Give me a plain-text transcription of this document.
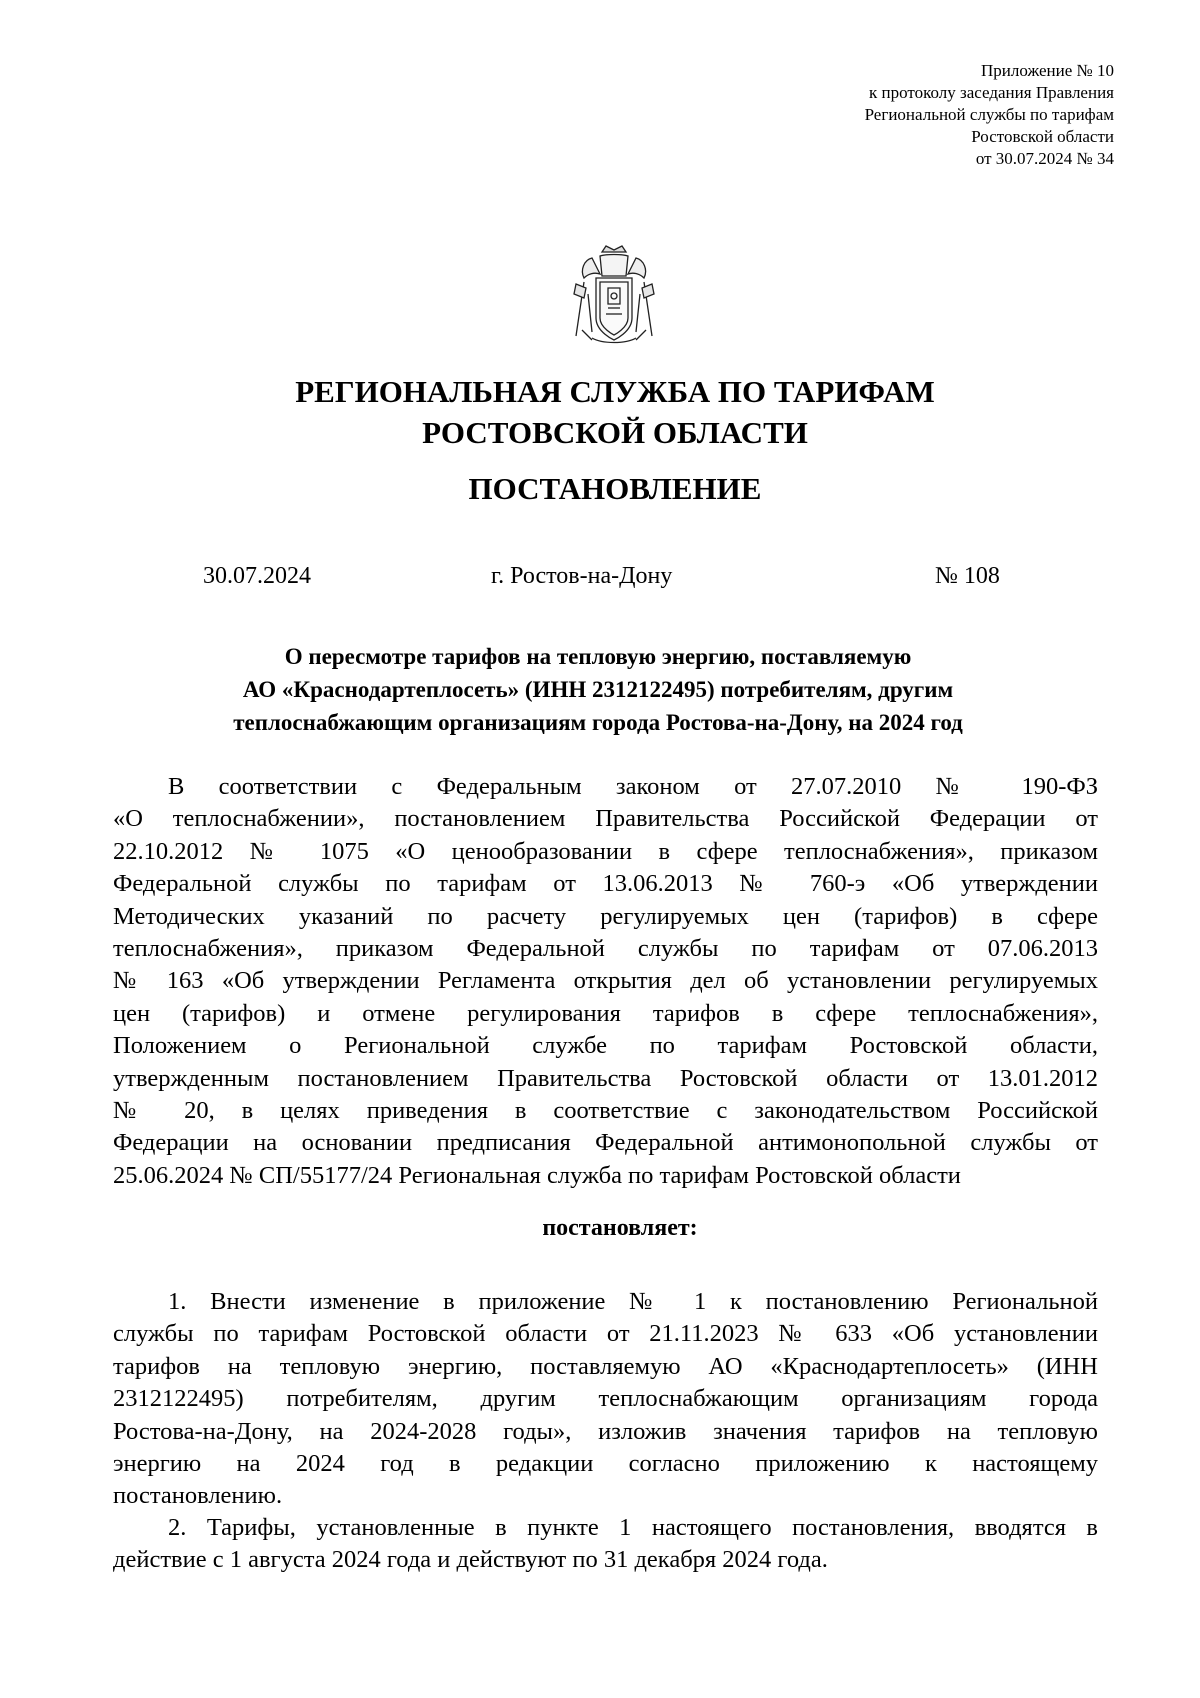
Приложение № 10
к протоколу заседания Правления
Региональной службы по тарифам
Ростовской области
от 30.07.2024 № 34
РЕГИОНАЛЬНАЯ СЛУЖБА ПО ТАРИФАМ
РОСТОВСКОЙ ОБЛАСТИ
ПОСТАНОВЛЕНИЕ
30.07.2024	г. Ростов-на-Дону	№ 108
О пересмотре тарифов на тепловую энергию, поставляемую
АО «Краснодартеплосеть» (ИНН 2312122495) потребителям, другим
теплоснабжающим организациям города Ростова-на-Дону, на 2024 год
В соответствии с Федеральным законом от 27.07.2010 № 190-ФЗ
«О теплоснабжении», постановлением Правительства Российской Федерации от
22.10.2012 № 1075 «О ценообразовании в сфере теплоснабжения», приказом
Федеральной службы по тарифам от 13.06.2013 № 760-э «Об утверждении
Методических указаний по расчету регулируемых цен (тарифов) в сфере
теплоснабжения», приказом Федеральной службы по тарифам от 07.06.2013
№ 163 «Об утверждении Регламента открытия дел об установлении регулируемых
цен (тарифов) и отмене регулирования тарифов в сфере теплоснабжения»,
Положением о Региональной службе по тарифам Ростовской области,
утвержденным постановлением Правительства Ростовской области от 13.01.2012
№ 20, в целях приведения в соответствие с законодательством Российской
Федерации на основании предписания Федеральной антимонопольной службы от
25.06.2024 № СП/55177/24 Региональная служба по тарифам Ростовской области
постановляет:
1. Внести изменение в приложение № 1 к постановлению Региональной
службы по тарифам Ростовской области от 21.11.2023 № 633 «Об установлении
тарифов на тепловую энергию, поставляемую АО «Краснодартеплосеть» (ИНН
2312122495) потребителям, другим теплоснабжающим организациям города
Ростова-на-Дону, на 2024-2028 годы», изложив значения тарифов на тепловую
энергию на 2024 год в редакции согласно приложению к настоящему
постановлению.
2. Тарифы, установленные в пункте 1 настоящего постановления, вводятся в
действие с 1 августа 2024 года и действуют по 31 декабря 2024 года.
